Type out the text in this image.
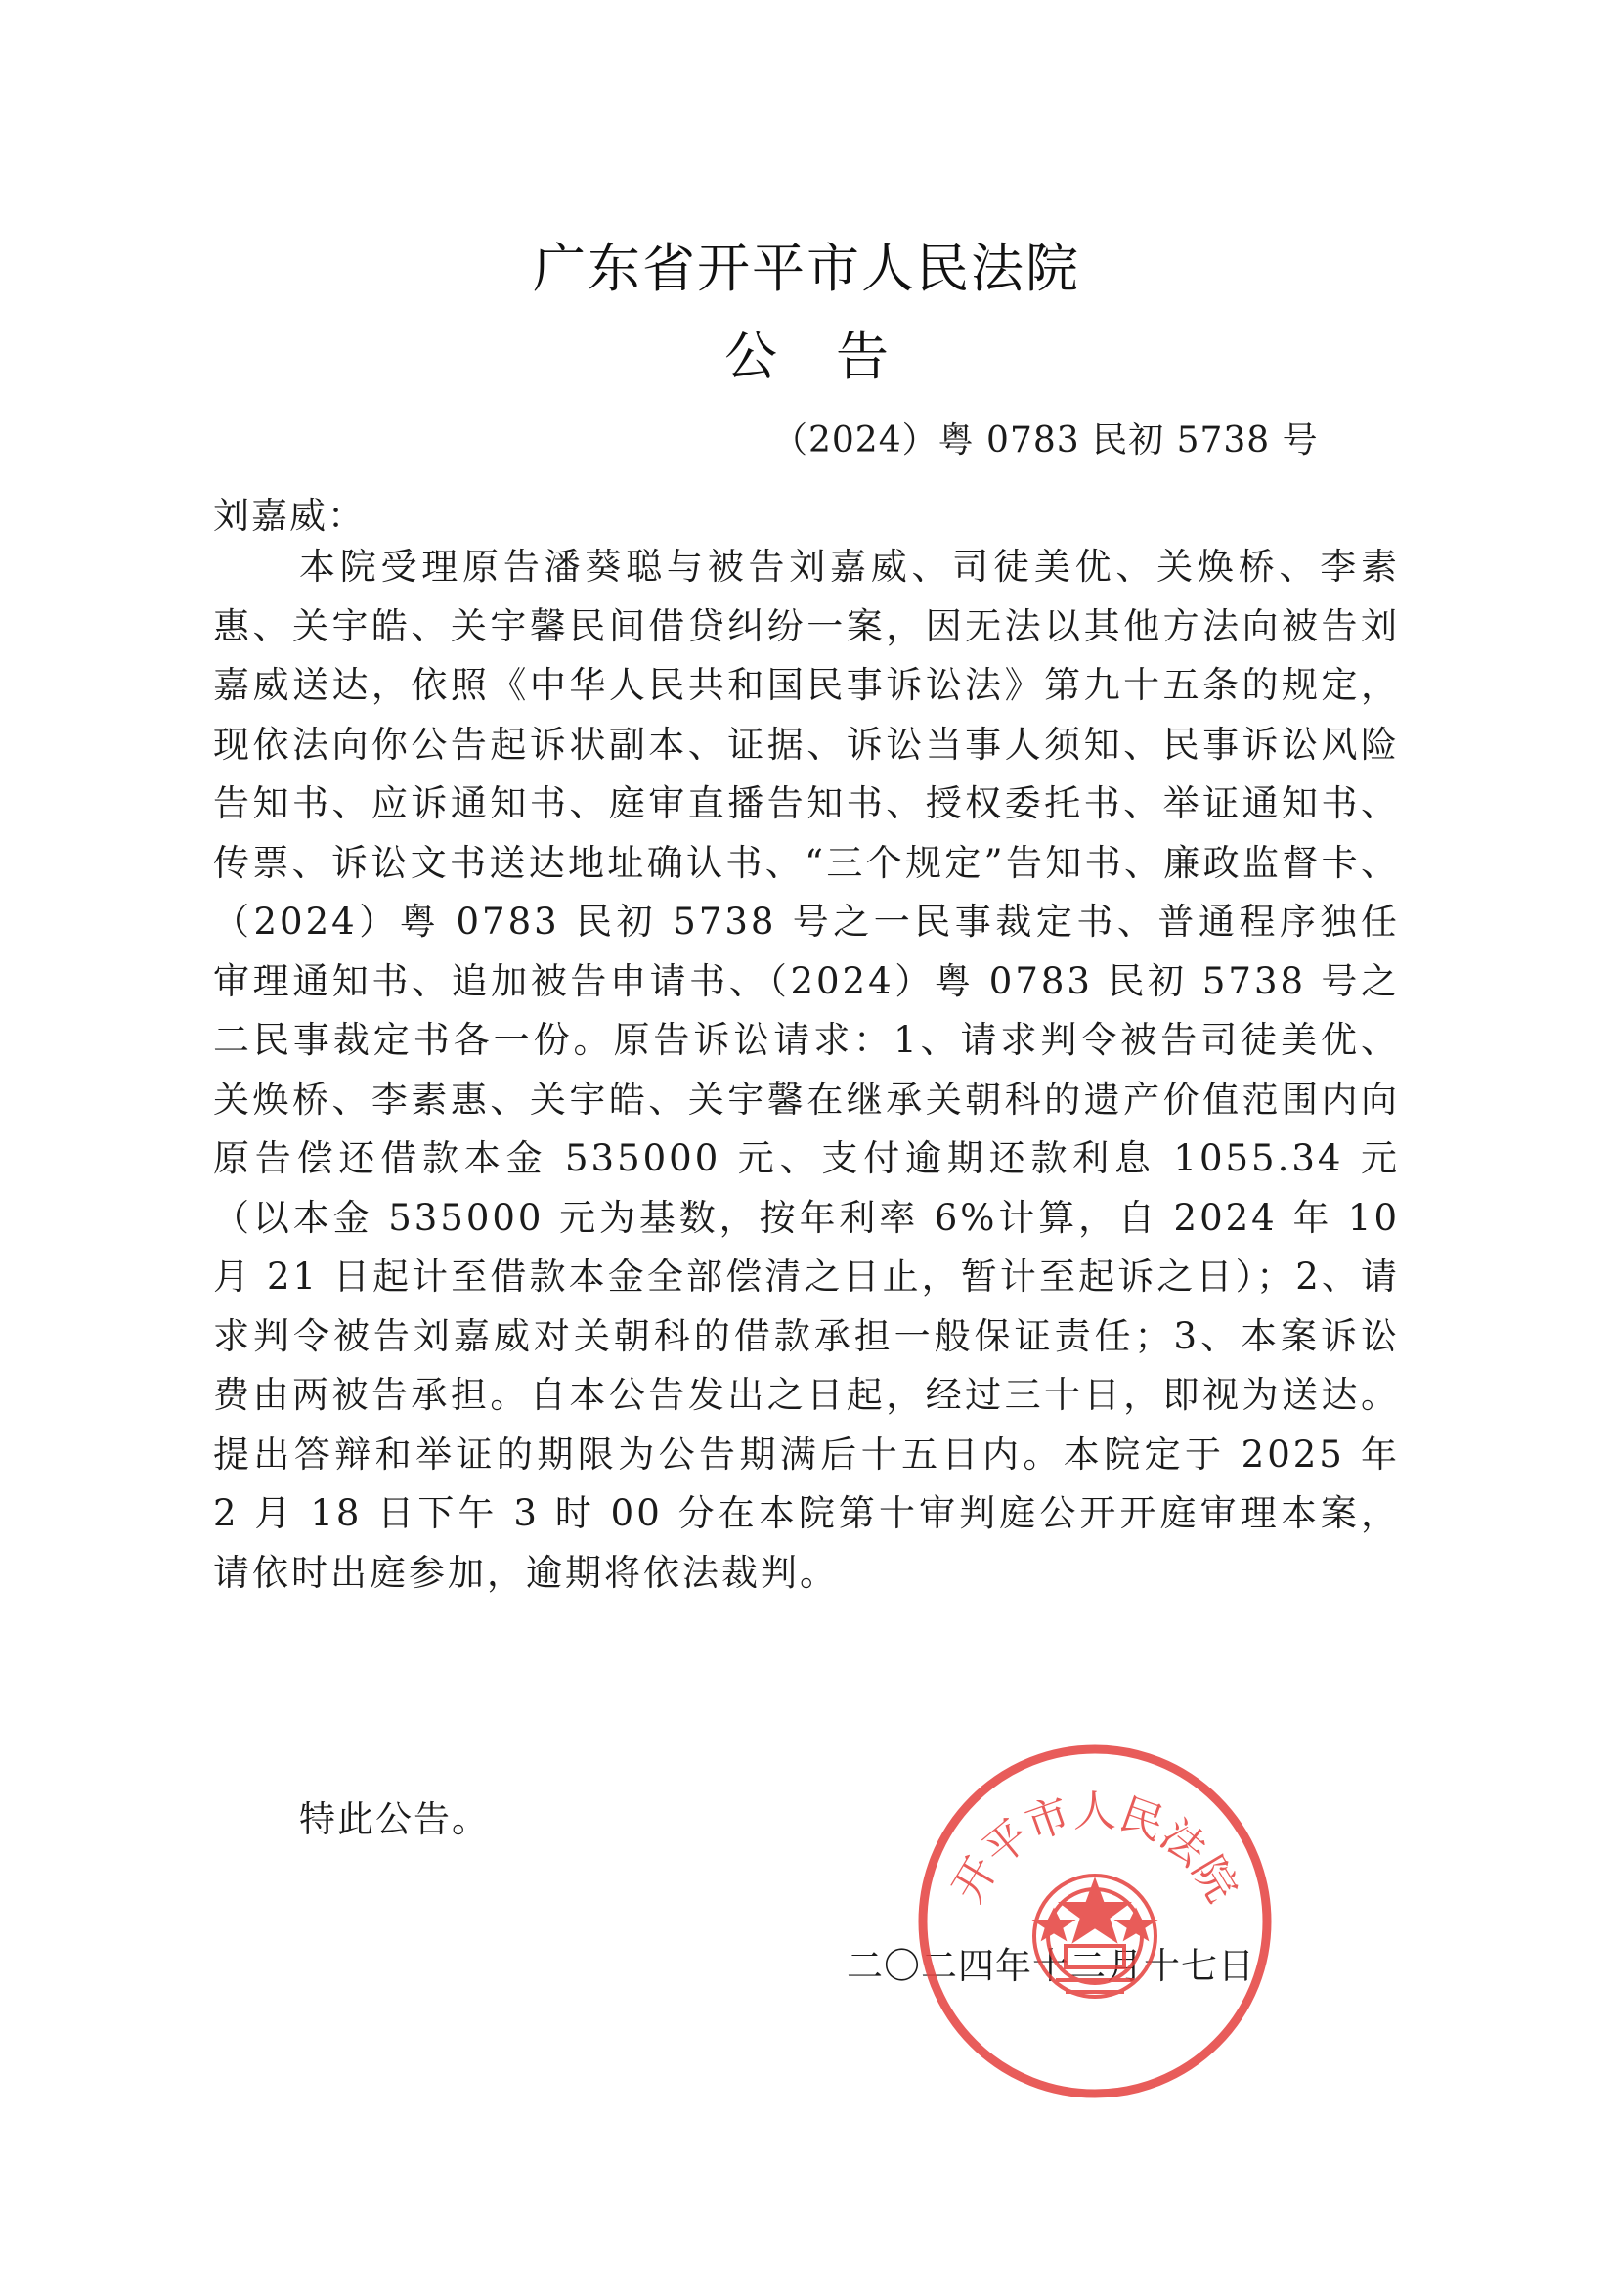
广东省开平市人民法院
公告
（2024）粤 0783 民初 5738 号
刘嘉威：

本院受理原告潘葵聪与被告刘嘉威、司徒美优、关焕桥、李素惠、关宇皓、关宇馨民间借贷纠纷一案，因无法以其他方法向被告刘嘉威送达，依照《中华人民共和国民事诉讼法》第九十五条的规定，现依法向你公告起诉状副本、证据、诉讼当事人须知、民事诉讼风险告知书、应诉通知书、庭审直播告知书、授权委托书、举证通知书、传票、诉讼文书送达地址确认书、“三个规定”告知书、廉政监督卡、（2024）粤 0783 民初 5738 号之一民事裁定书、普通程序独任审理通知书、追加被告申请书、（2024）粤 0783 民初 5738 号之二民事裁定书各一份。原告诉讼请求：1、请求判令被告司徒美优、关焕桥、李素惠、关宇皓、关宇馨在继承关朝科的遗产价值范围内向原告偿还借款本金 535000 元、支付逾期还款利息 1055.34 元（以本金 535000 元为基数，按年利率 6%计算，自 2024 年 10 月 21 日起计至借款本金全部偿清之日止，暂计至起诉之日）；2、请求判令被告刘嘉威对关朝科的借款承担一般保证责任；3、本案诉讼费由两被告承担。自本公告发出之日起，经过三十日，即视为送达。提出答辩和举证的期限为公告期满后十五日内。本院定于 2025 年 2 月 18 日下午 3 时 00 分在本院第十审判庭公开开庭审理本案，请依时出庭参加，逾期将依法裁判。

特此公告。
二〇二四年十二月十七日
开平市人民法院
